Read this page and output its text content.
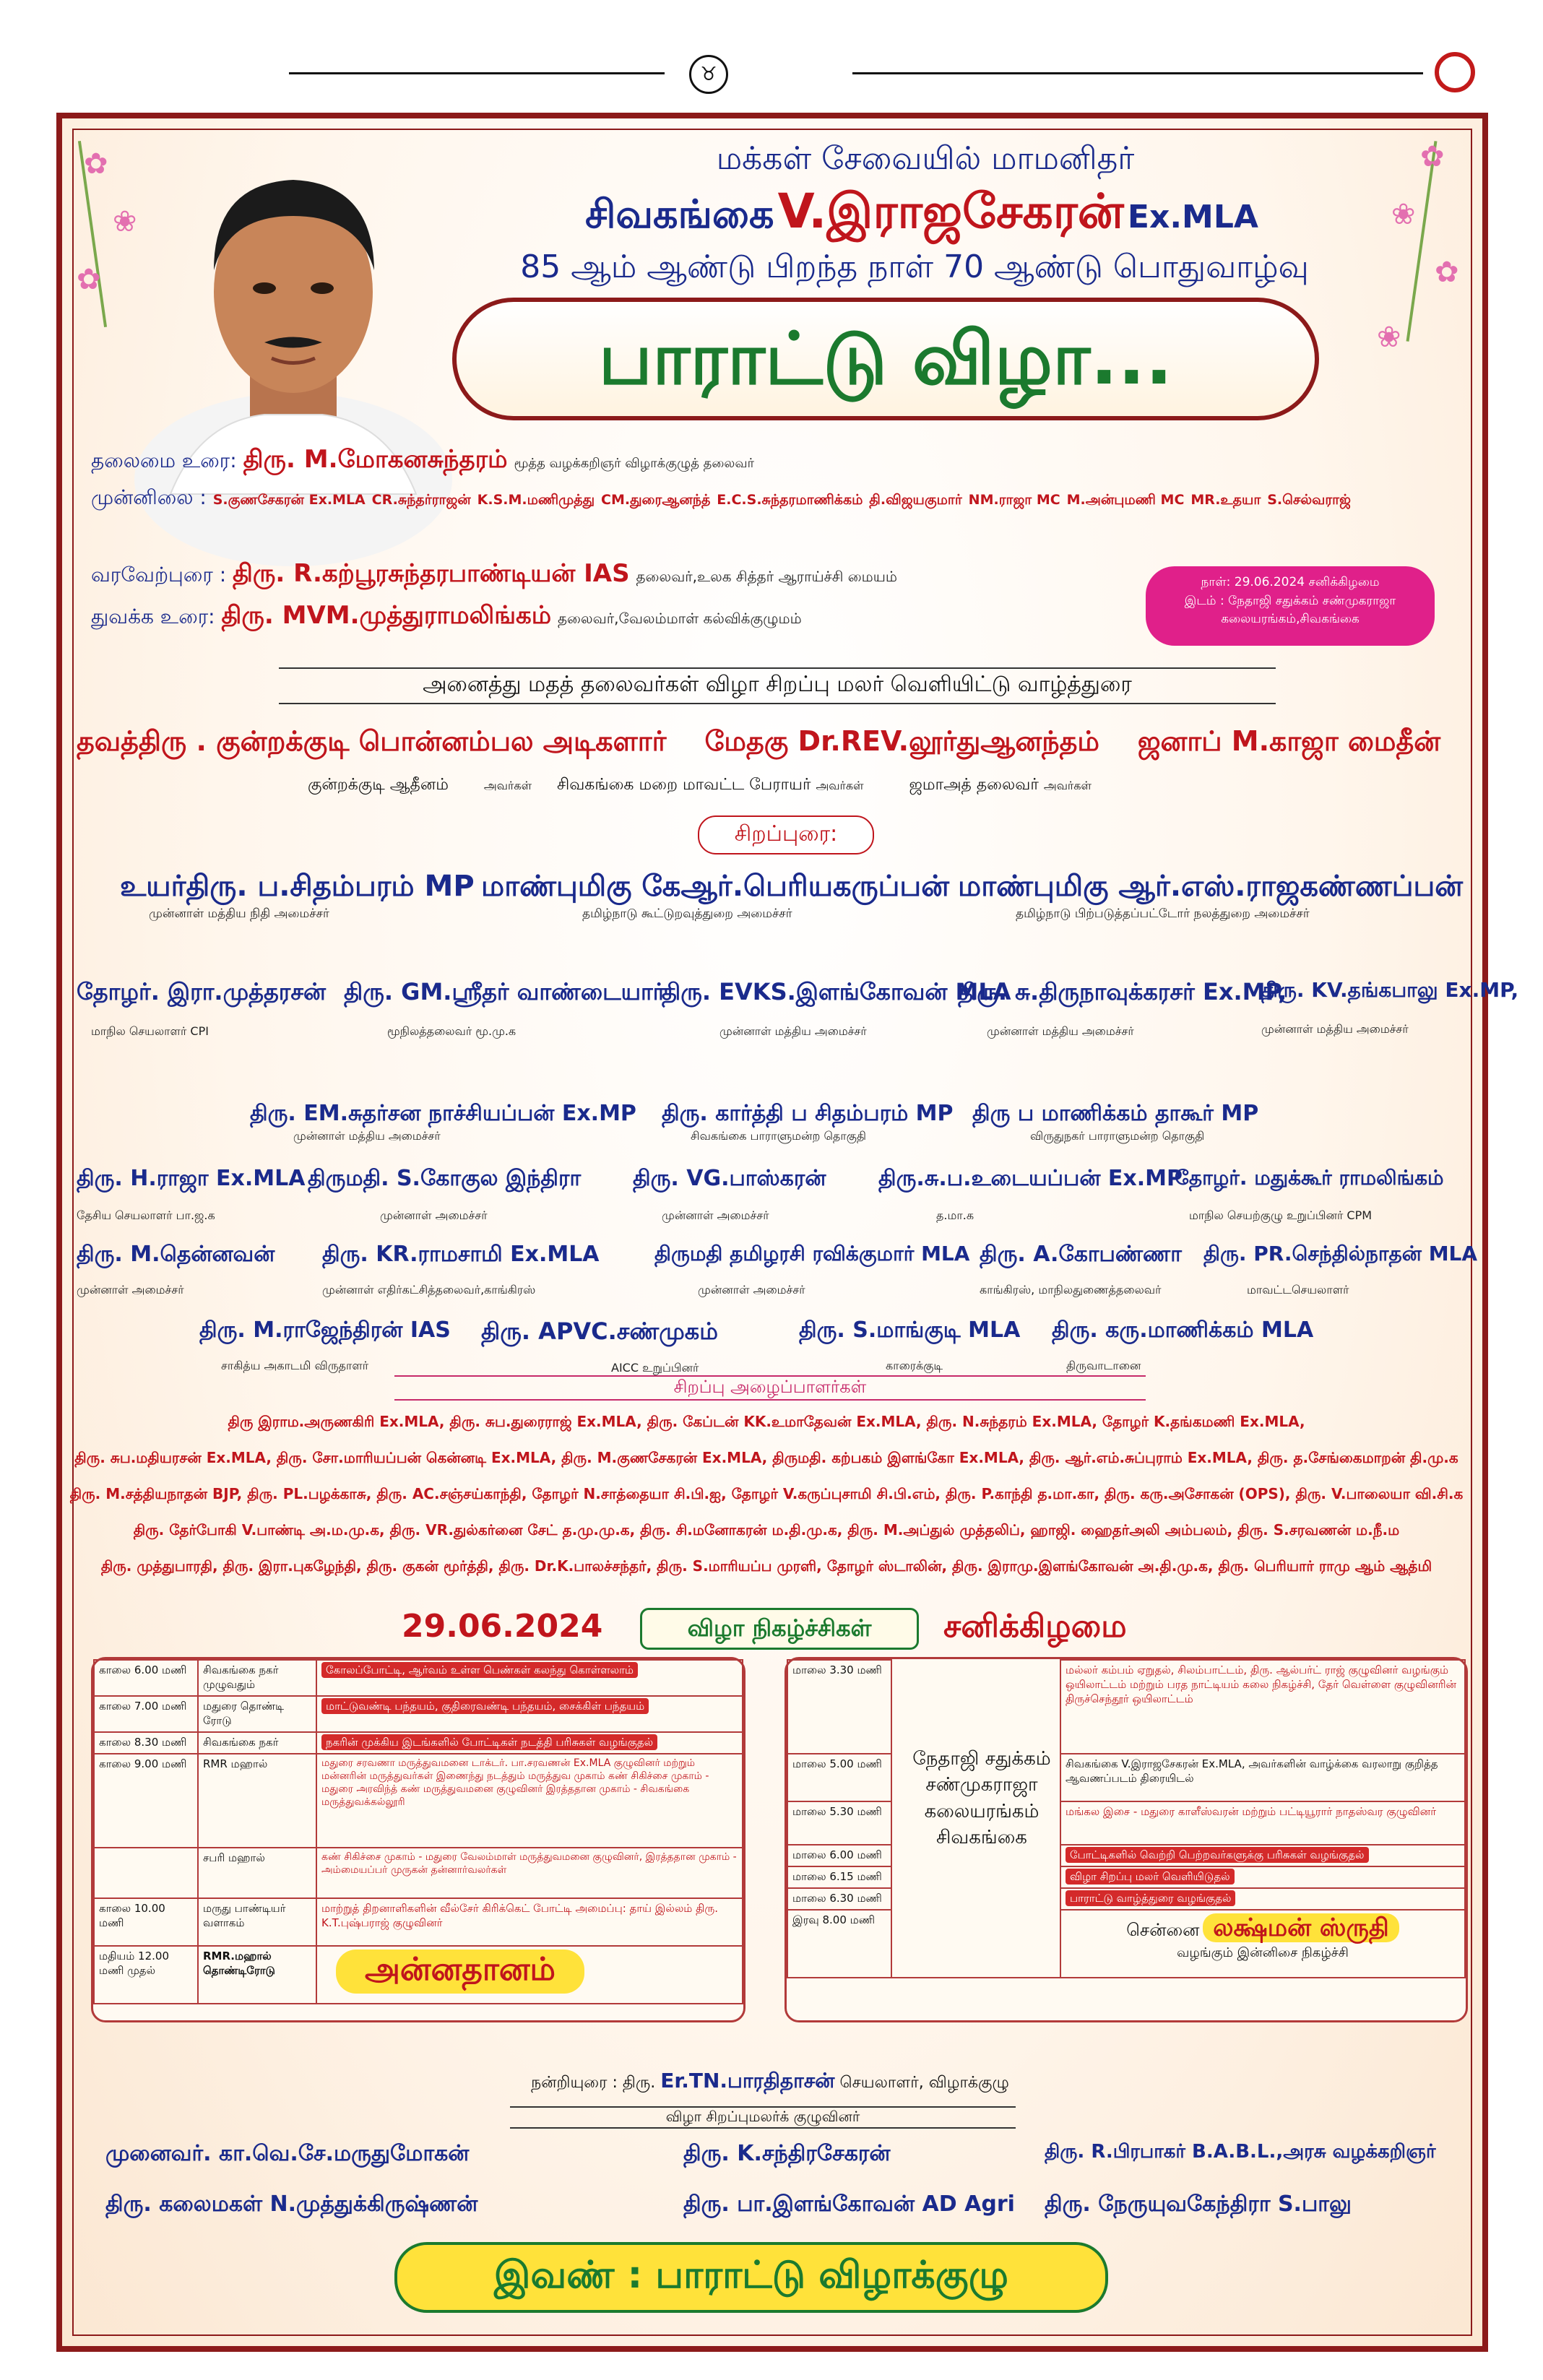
♉
✿
❀
✿
✿
❀
✿
❀
மக்கள் சேவையில் மாமனிதர்
சிவகங்கை V.இராஜசேகரன் Ex.MLA
85 ஆம் ஆண்டு பிறந்த நாள் 70 ஆண்டு பொதுவாழ்வு
பாராட்டு விழா...
தலைமை உரை: திரு. M.மோகனசுந்தரம் மூத்த வழக்கறிஞர் விழாக்குழுத் தலைவர்
முன்னிலை : S.குணசேகரன் Ex.MLA CR.சுந்தர்ராஜன் K.S.M.மணிமுத்து CM.துரைஆனந்த் E.C.S.சுந்தரமாணிக்கம் தி.விஜயகுமார் NM.ராஜா MC M.அன்புமணி MC MR.உதயா S.செல்வராஜ்
வரவேற்புரை : திரு. R.கற்பூரசுந்தரபாண்டியன் IAS தலைவர்,உலக சித்தர் ஆராய்ச்சி மையம்
துவக்க உரை: திரு. MVM.முத்துராமலிங்கம் தலைவர்,வேலம்மாள் கல்விக்குழுமம்
நாள்: 29.06.2024 சனிக்கிழமை
இடம் : நேதாஜி சதுக்கம் சண்முகராஜா
கலையரங்கம்,சிவகங்கை
அனைத்து மதத் தலைவர்கள் விழா சிறப்பு மலர் வெளியிட்டு வாழ்த்துரை
தவத்திரு . குன்றக்குடி பொன்னம்பல அடிகளார் மேதகு Dr.REV.லூர்துஆனந்தம் ஜனாப் M.காஜா மைதீன்
குன்றக்குடி ஆதீனம்	அவர்கள் சிவகங்கை மறை மாவட்ட பேராயர் அவர்கள்	ஜமாஅத் தலைவர் அவர்கள்
சிறப்புரை:
உயர்திரு. ப.சிதம்பரம் MP
முன்னாள் மத்திய நிதி அமைச்சர்
மாண்புமிகு கேஆர்.பெரியகருப்பன்
தமிழ்நாடு கூட்டுறவுத்துறை அமைச்சர்
மாண்புமிகு ஆர்.எஸ்.ராஜகண்ணப்பன்
தமிழ்நாடு பிற்படுத்தப்பட்டோர் நலத்துறை அமைச்சர்
தோழர். இரா.முத்தரசன்
மாநில செயலாளர் CPI
திரு. GM.ஸ்ரீதர் வாண்டையார்
மூநிலத்தலைவர் மூ.மு.க
திரு. EVKS.இளங்கோவன் MLA
முன்னாள் மத்திய அமைச்சர்
திரு. சு.திருநாவுக்கரசர் Ex.MP,
முன்னாள் மத்திய அமைச்சர்
திரு. KV.தங்கபாலு Ex.MP,
முன்னாள் மத்திய அமைச்சர்
திரு. EM.சுதர்சன நாச்சியப்பன் Ex.MP
முன்னாள் மத்திய அமைச்சர்
திரு. கார்த்தி ப சிதம்பரம் MP
சிவகங்கை பாராளுமன்ற தொகுதி
திரு ப மாணிக்கம் தாகூர் MP
விருதுநகர் பாராளுமன்ற தொகுதி
திரு. H.ராஜா Ex.MLA
தேசிய செயலாளர் பா.ஜ.க
திருமதி. S.கோகுல இந்திரா
முன்னாள் அமைச்சர்
திரு. VG.பாஸ்கரன்
முன்னாள் அமைச்சர்
திரு.சு.ப.உடையப்பன் Ex.MP
த.மா.க
தோழர். மதுக்கூர் ராமலிங்கம்
மாநில செயற்குழு உறுப்பினர் CPM
திரு. M.தென்னவன்
முன்னாள் அமைச்சர்
திரு. KR.ராமசாமி Ex.MLA
முன்னாள் எதிர்கட்சித்தலைவர்,காங்கிரஸ்
திருமதி தமிழரசி ரவிக்குமார் MLA
முன்னாள் அமைச்சர்
திரு. A.கோபண்ணா
காங்கிரஸ், மாநிலதுணைத்தலைவர்
திரு. PR.செந்தில்நாதன் MLA
மாவட்டசெயலாளர்
திரு. M.ராஜேந்திரன் IAS
சாகித்ய அகாடமி விருதாளர்
திரு. APVC.சண்முகம்
AICC உறுப்பினர்
திரு. S.மாங்குடி MLA
காரைக்குடி
திரு. கரு.மாணிக்கம் MLA
திருவாடானை
சிறப்பு அழைப்பாளர்கள்
திரு இராம.அருணகிரி Ex.MLA, திரு. சுப.துரைராஜ் Ex.MLA, திரு. கேப்டன் KK.உமாதேவன் Ex.MLA, திரு. N.சுந்தரம் Ex.MLA, தோழர் K.தங்கமணி Ex.MLA,
திரு. சுப.மதியரசன் Ex.MLA, திரு. சோ.மாரியப்பன் கென்னடி Ex.MLA, திரு. M.குணசேகரன் Ex.MLA, திருமதி. கற்பகம் இளங்கோ Ex.MLA, திரு. ஆர்.எம்.சுப்புராம் Ex.MLA, திரு. த.சேங்கைமாறன் தி.மு.க
திரு. M.சத்தியநாதன் BJP, திரு. PL.பழக்காசு, திரு. AC.சஞ்சய்காந்தி, தோழர் N.சாத்தையா சி.பி.ஐ, தோழர் V.கருப்புசாமி சி.பி.எம், திரு. P.காந்தி த.மா.கா, திரு. கரு.அசோகன் (OPS), திரு. V.பாலையா வி.சி.க
திரு. தேர்போகி V.பாண்டி அ.ம.மு.க, திரு. VR.துல்கர்னை சேட் த.மு.மு.க, திரு. சி.மனோகரன் ம.தி.மு.க, திரு. M.அப்துல் முத்தலிப், ஹாஜி. ஹைதர்அலி அம்பலம், திரு. S.சரவணன் ம.நீ.ம
திரு. முத்துபாரதி, திரு. இரா.புகழேந்தி, திரு. குகன் மூர்த்தி, திரு. Dr.K.பாலச்சந்தர், திரு. S.மாரியப்ப முரளி, தோழர் ஸ்டாலின், திரு. இராமு.இளங்கோவன் அ.தி.மு.க, திரு. பெரியார் ராமு ஆம் ஆத்மி
29.06.2024	விழா நிகழ்ச்சிகள்	சனிக்கிழமை
காலை 6.00 மணி	சிவகங்கை நகர் முழுவதும்	கோலப்போட்டி, ஆர்வம் உள்ள பெண்கள் கலந்து கொள்ளலாம்
காலை 7.00 மணி	மதுரை தொண்டி ரோடு	மாட்டுவண்டி பந்தயம், குதிரைவண்டி பந்தயம், சைக்கிள் பந்தயம்
காலை 8.30 மணி	சிவகங்கை நகர்	நகரின் முக்கிய இடங்களில் போட்டிகள் நடத்தி பரிசுகள் வழங்குதல்
காலை 9.00 மணி	RMR மஹால்	மதுரை சரவணா மருத்துவமனை டாக்டர். பா.சரவணன் Ex.MLA குழுவினர் மற்றும் மன்னரின் மருத்துவர்கள் இணைந்து நடத்தும் மருத்துவ முகாம் கண் சிகிச்சை முகாம் - மதுரை அரவிந்த் கண் மருத்துவமனை குழுவினர் இரத்ததான முகாம் - சிவகங்கை மருத்துவக்கல்லூரி
	சபரி மஹால்	கண் சிகிச்சை முகாம் - மதுரை வேலம்மாள் மருத்துவமனை குழுவினர், இரத்ததான முகாம் - அம்மையப்பர் முருகன் தன்னார்வலர்கள்
காலை 10.00 மணி	மருது பாண்டியர் வளாகம்	மாற்றுத் திறனாளிகளின் வீல்சேர் கிரிக்கெட் போட்டி அமைப்பு: தாய் இல்லம் திரு. K.T.புஷ்பராஜ் குழுவினர்
மதியம் 12.00 மணி முதல்	RMR.மஹால் தொண்டிரோடு	அன்னதானம்
நேதாஜி சதுக்கம் சண்முகராஜா கலையரங்கம் சிவகங்கை
மாலை 3.30 மணி		மல்லர் கம்பம் ஏறுதல், சிலம்பாட்டம், திரு. ஆல்பர்ட் ராஜ் குழுவினர் வழங்கும் ஒயிலாட்டம் மற்றும் பரத நாட்டியம் கலை நிகழ்ச்சி, தேர் வெள்ளை குழுவினரின் திருச்செந்தூர் ஒயிலாட்டம்
மாலை 5.00 மணி		சிவகங்கை V.இராஜசேகரன் Ex.MLA, அவர்களின் வாழ்க்கை வரலாறு குறித்த ஆவணப்படம் திரையிடல்
மாலை 5.30 மணி		மங்கல இசை - மதுரை காளீஸ்வரன் மற்றும் பட்டியூரார் நாதஸ்வர குழுவினர்
மாலை 6.00 மணி		போட்டிகளில் வெற்றி பெற்றவர்களுக்கு பரிசுகள் வழங்குதல்
மாலை 6.15 மணி		விழா சிறப்பு மலர் வெளியிடுதல்
மாலை 6.30 மணி		பாராட்டு வாழ்த்துரை வழங்குதல்
இரவு 8.00 மணி		சென்னை லக்ஷ்மன் ஸ்ருதி
வழங்கும் இன்னிசை நிகழ்ச்சி
நன்றியுரை : திரு. Er.TN.பாரதிதாசன் செயலாளர், விழாக்குழு
விழா சிறப்புமலர்க் குழுவினர்
முனைவர். கா.வெ.சே.மருதுமோகன்	திரு. K.சந்திரசேகரன்	திரு. R.பிரபாகர் B.A.B.L.,அரசு வழக்கறிஞர்
திரு. கலைமகள் N.முத்துக்கிருஷ்ணன்	திரு. பா.இளங்கோவன் AD Agri திரு. நேருயுவகேந்திரா S.பாலு
இவண் : பாராட்டு விழாக்குழு
